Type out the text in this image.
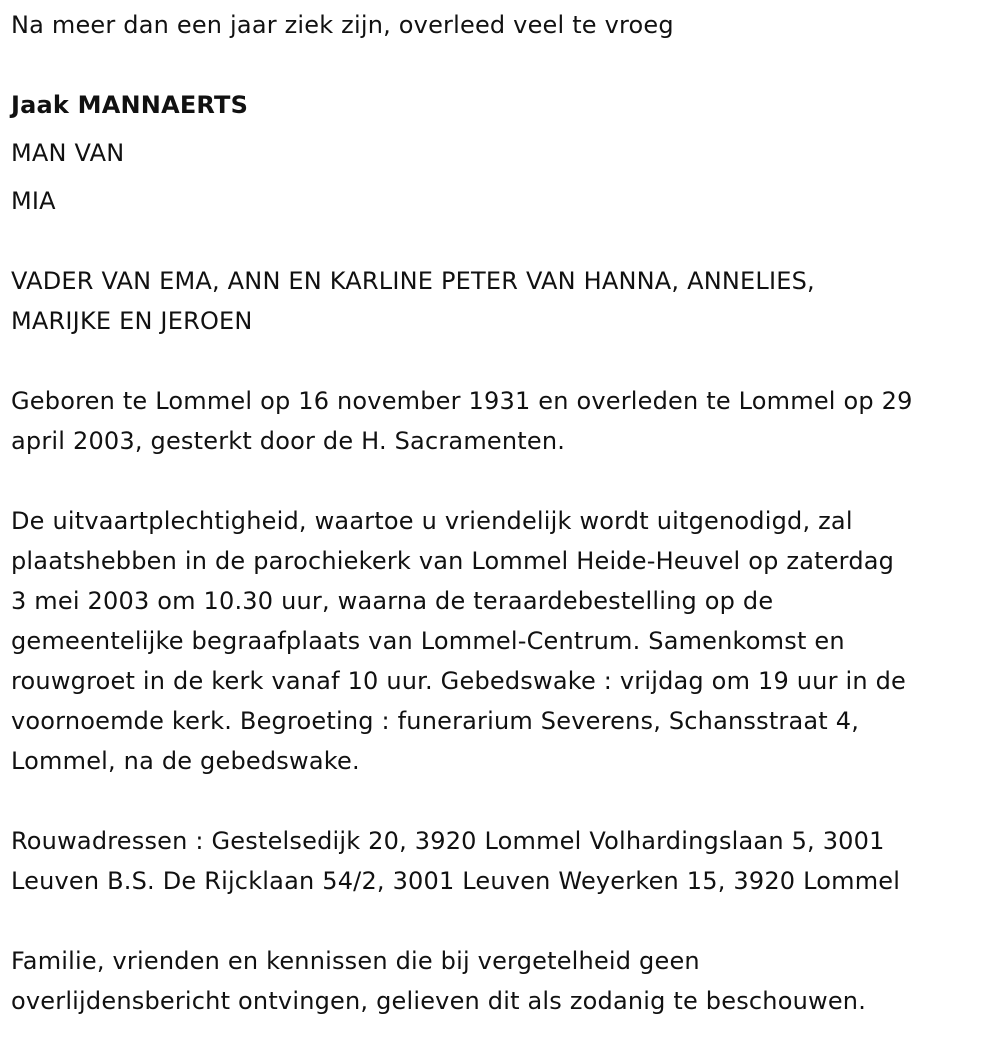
Na meer dan een jaar ziek zijn, overleed veel te vroeg
Jaak MANNAERTS
MAN VAN
MIA
VADER VAN EMA, ANN EN KARLINE PETER VAN HANNA, ANNELIES,
MARIJKE EN JEROEN
Geboren te Lommel op 16 november 1931 en overleden te Lommel op 29
april 2003, gesterkt door de H. Sacramenten.
De uitvaartplechtigheid, waartoe u vriendelijk wordt uitgenodigd, zal
plaatshebben in de parochiekerk van Lommel Heide-Heuvel op zaterdag
3 mei 2003 om 10.30 uur, waarna de teraardebestelling op de
gemeentelijke begraafplaats van Lommel-Centrum. Samenkomst en
rouwgroet in de kerk vanaf 10 uur. Gebedswake : vrijdag om 19 uur in de
voornoemde kerk. Begroeting : funerarium Severens, Schansstraat 4,
Lommel, na de gebedswake.
Rouwadressen : Gestelsedijk 20, 3920 Lommel Volhardingslaan 5, 3001
Leuven B.S. De Rijcklaan 54/2, 3001 Leuven Weyerken 15, 3920 Lommel
Familie, vrienden en kennissen die bij vergetelheid geen
overlijdensbericht ontvingen, gelieven dit als zodanig te beschouwen.
